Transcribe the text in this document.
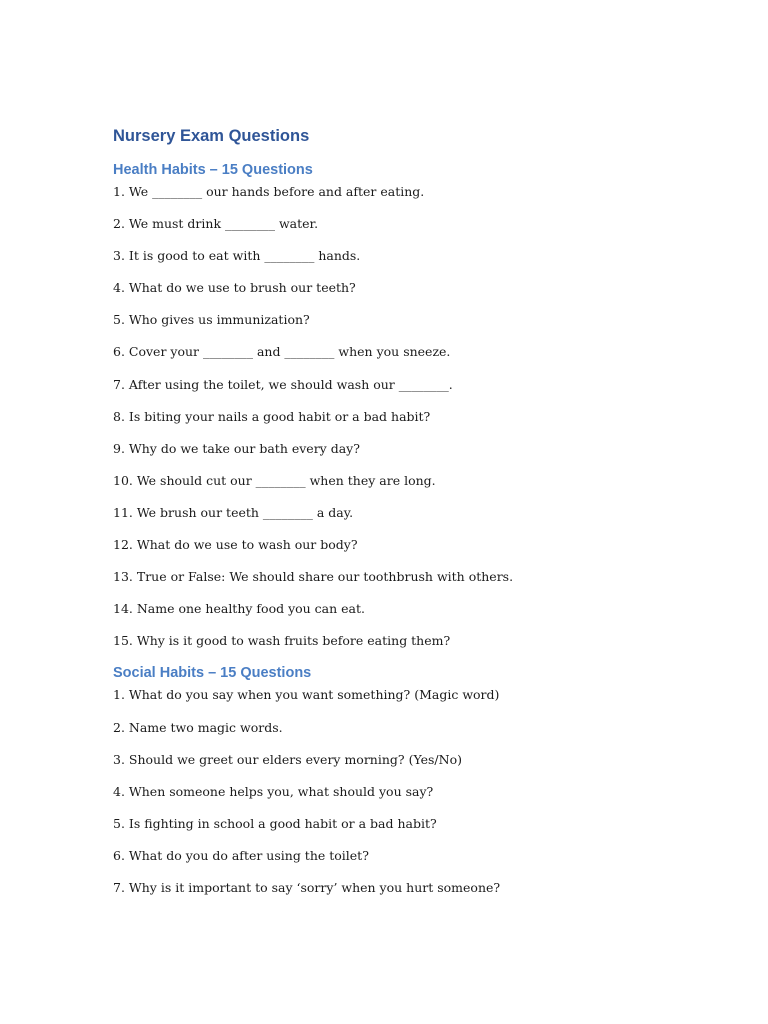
Nursery Exam Questions
Health Habits – 15 Questions
1. We ________ our hands before and after eating.
2. We must drink ________ water.
3. It is good to eat with ________ hands.
4. What do we use to brush our teeth?
5. Who gives us immunization?
6. Cover your ________ and ________ when you sneeze.
7. After using the toilet, we should wash our ________.
8. Is biting your nails a good habit or a bad habit?
9. Why do we take our bath every day?
10. We should cut our ________ when they are long.
11. We brush our teeth ________ a day.
12. What do we use to wash our body?
13. True or False: We should share our toothbrush with others.
14. Name one healthy food you can eat.
15. Why is it good to wash fruits before eating them?
Social Habits – 15 Questions
1. What do you say when you want something? (Magic word)
2. Name two magic words.
3. Should we greet our elders every morning? (Yes/No)
4. When someone helps you, what should you say?
5. Is fighting in school a good habit or a bad habit?
6. What do you do after using the toilet?
7. Why is it important to say ‘sorry’ when you hurt someone?
